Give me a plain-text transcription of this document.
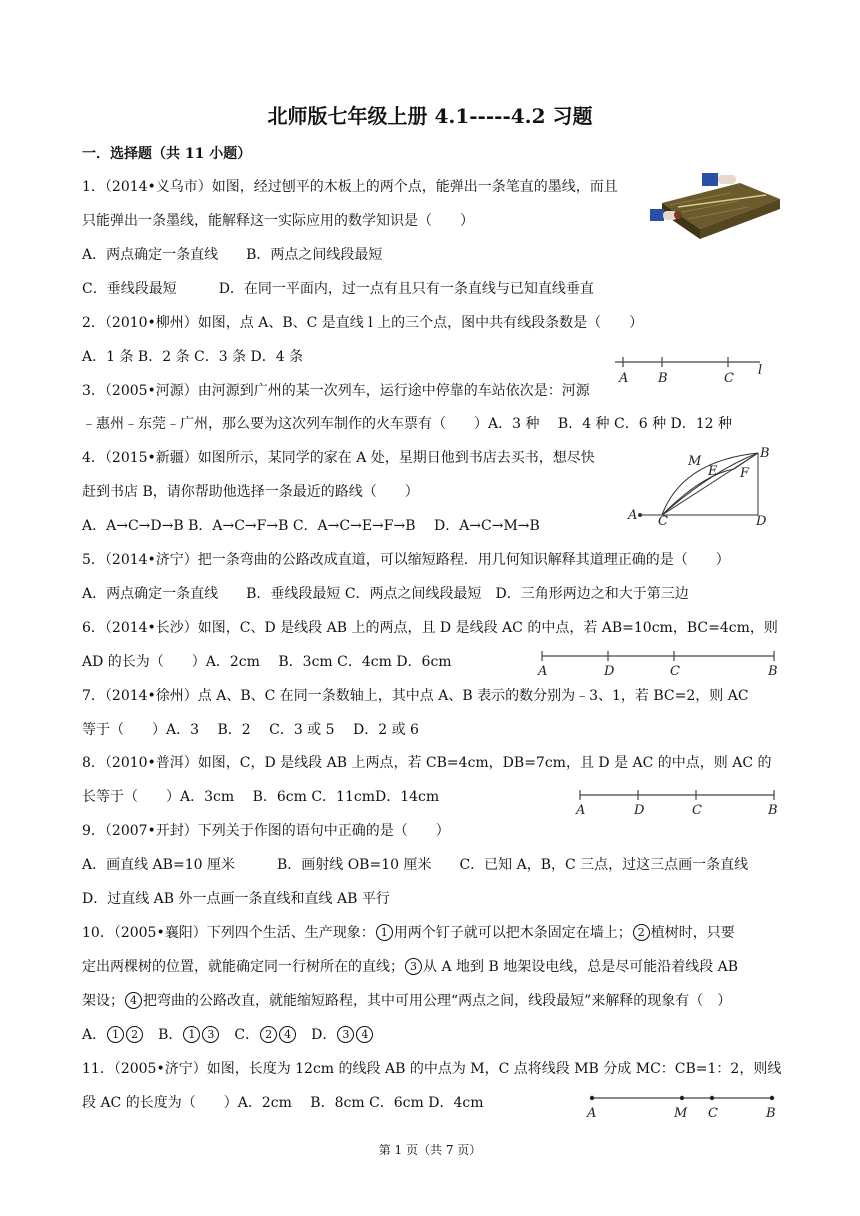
北师版七年级上册 4.1-----4.2 习题
一．选择题（共 11 小题）
1．（2014•义乌市）如图，经过刨平的木板上的两个点，能弹出一条笔直的墨线，而且
只能弹出一条墨线，能解释这一实际应用的数学知识是（　　）
A．两点确定一条直线　　B．两点之间线段最短
C．垂线段最短　　　D．在同一平面内，过一点有且只有一条直线与已知直线垂直
2．（2010•柳州）如图，点 A、B、C 是直线 l 上的三个点，图中共有线段条数是（　　）
A．1 条 B．2 条 C．3 条 D．4 条
3．（2005•河源）由河源到广州的某一次列车，运行途中停靠的车站依次是：河源
﹣惠州﹣东莞﹣广州，那么要为这次列车制作的火车票有（　　）A．3 种　 B．4 种 C．6 种 D．12 种
4．（2015•新疆）如图所示，某同学的家在 A 处，星期日他到书店去买书，想尽快
赶到书店 B，请你帮助他选择一条最近的路线（　　）
A．A→C→D→B B．A→C→F→B C．A→C→E→F→B　 D．A→C→M→B
5．（2014•济宁）把一条弯曲的公路改成直道，可以缩短路程．用几何知识解释其道理正确的是（　　）
A．两点确定一条直线　　B．垂线段最短 C．两点之间线段最短　D．三角形两边之和大于第三边
6．（2014•长沙）如图，C、D 是线段 AB 上的两点，且 D 是线段 AC 的中点，若 AB=10cm，BC=4cm，则
AD 的长为（　　）A．2cm　 B．3cm C．4cm D．6cm
7．（2014•徐州）点 A、B、C 在同一条数轴上，其中点 A、B 表示的数分别为﹣3、1，若 BC=2，则 AC
等于（　　）A．3　 B．2　 C．3 或 5　 D．2 或 6
8．（2010•普洱）如图，C，D 是线段 AB 上两点，若 CB=4cm，DB=7cm，且 D 是 AC 的中点，则 AC 的
长等于（　　）A．3cm　 B．6cm C．11cmD．14cm
9．（2007•开封）下列关于作图的语句中正确的是（　　）
A．画直线 AB=10 厘米　　　B．画射线 OB=10 厘米　　C．已知 A，B，C 三点，过这三点画一条直线
D．过直线 AB 外一点画一条直线和直线 AB 平行
10．（2005•襄阳）下列四个生活、生产现象： 1 用两个钉子就可以把木条固定在墙上； 2 植树时，只要
定出两棵树的位置，就能确定同一行树所在的直线； 3 从 A 地到 B 地架设电线，总是尽可能沿着线段 AB
架设； 4 把弯曲的公路改直，就能缩短路程，其中可用公理“两点之间，线段最短”来解释的现象有（　）
A． 1 2　B． 1 3　C． 2 4　D． 3 4
11．（2005•济宁）如图，长度为 12cm 的线段 AB 的中点为 M，C 点将线段 MB 分成 MC：CB=1：2，则线
段 AC 的长度为（　　）A．2cm　 B．8cm C．6cm D．4cm
第 1 页（共 7 页）
A B	C
l
M
E
B
F
A C	D
A	D	C	B
A	D	C	B
A	M C	B
